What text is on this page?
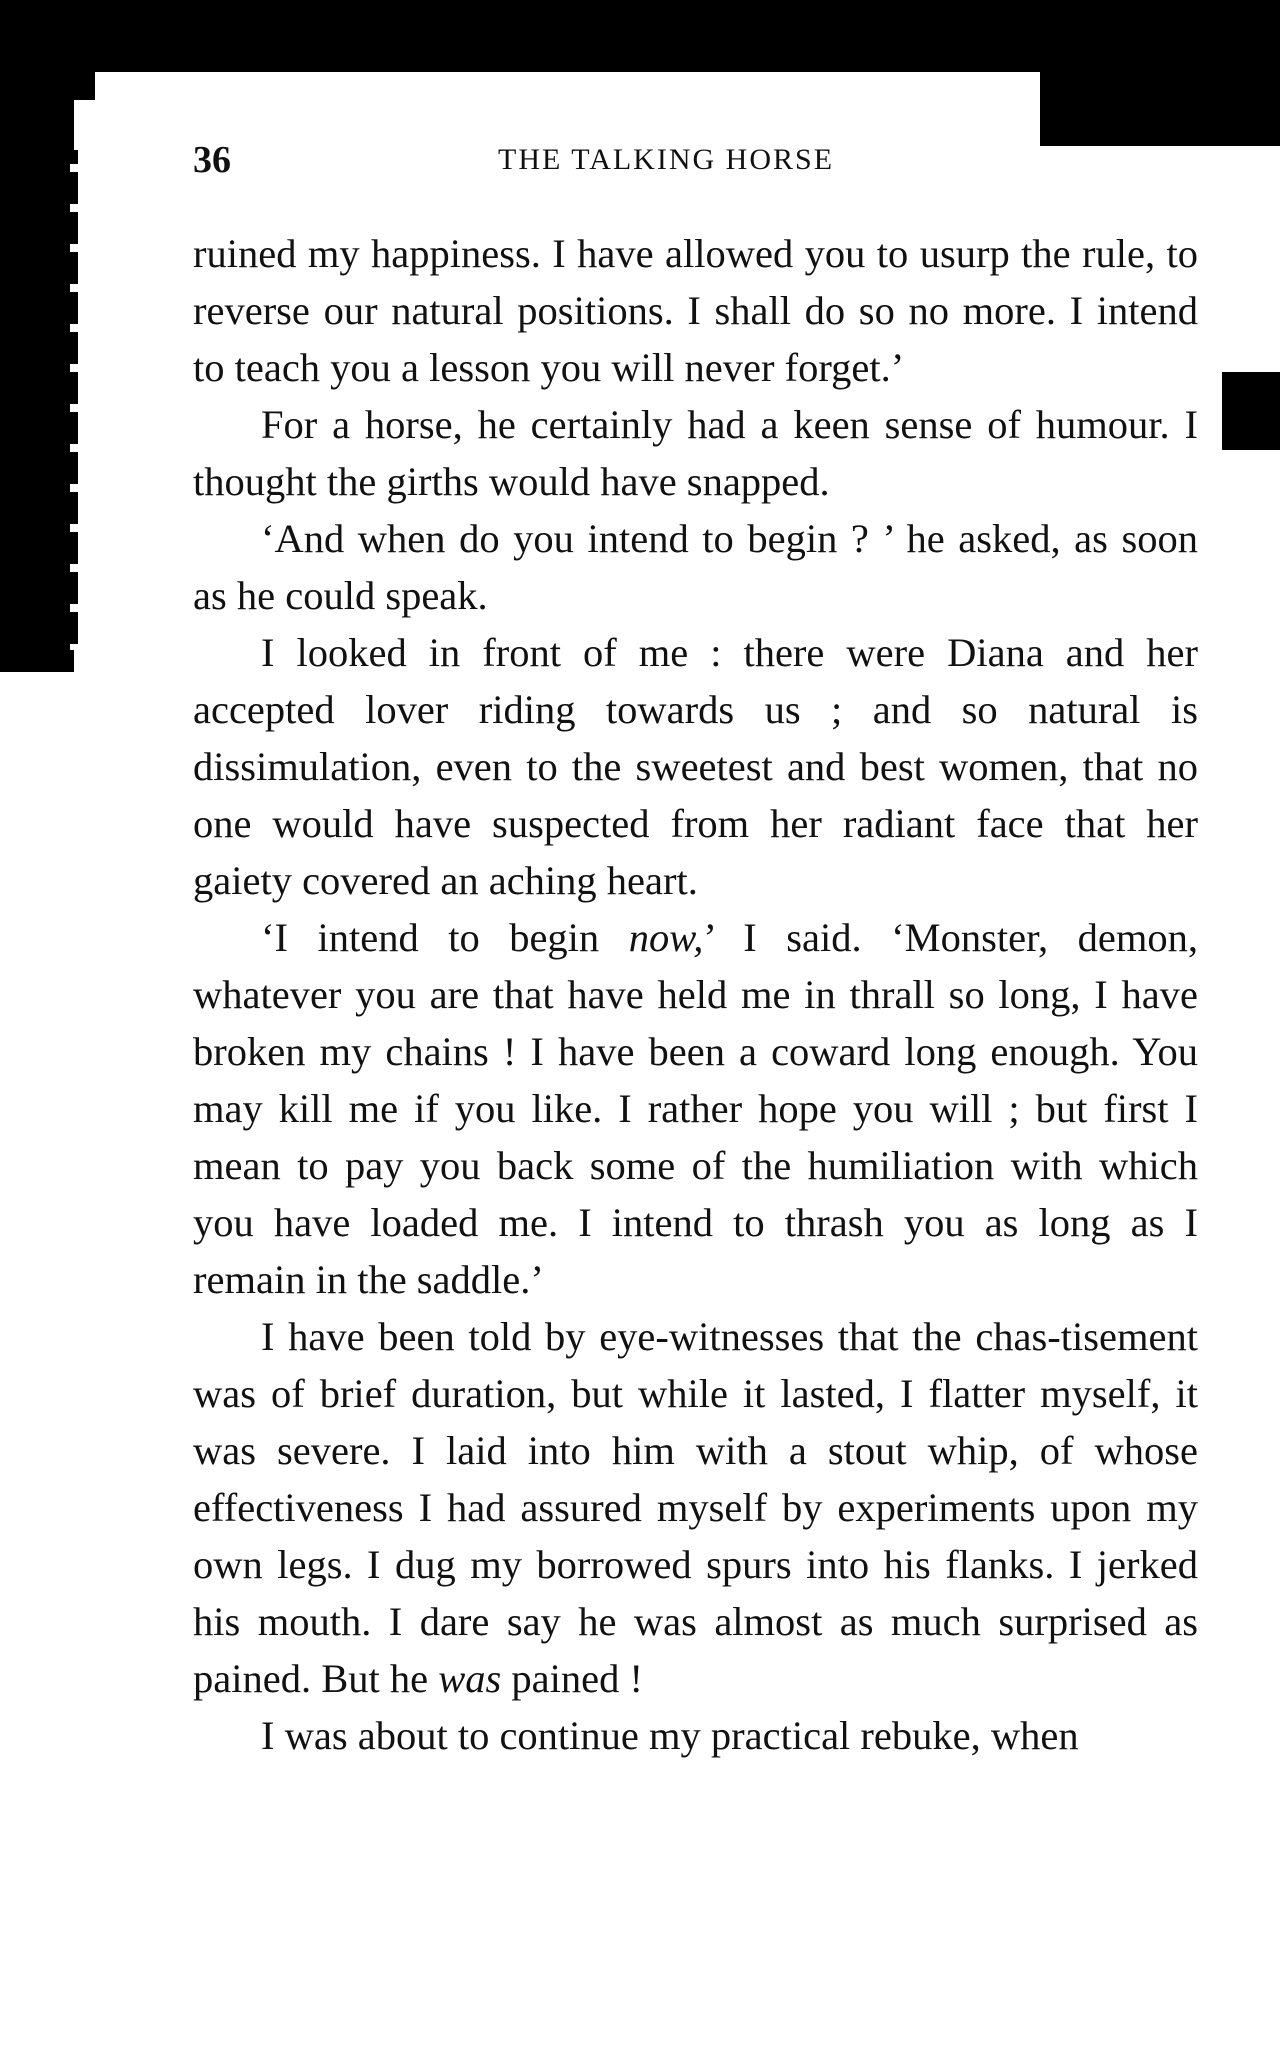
36	THE TALKING HORSE

ruined my happiness. I have allowed you to usurp the rule, to reverse our natural positions. I shall do so no more. I intend to teach you a lesson you will never forget.’

For a horse, he certainly had a keen sense of humour. I thought the girths would have snapped.

‘And when do you intend to begin ? ’ he asked, as soon as he could speak.

I looked in front of me : there were Diana and her accepted lover riding towards us ; and so natural is dissimulation, even to the sweetest and best women, that no one would have suspected from her radiant face that her gaiety covered an aching heart.

‘I intend to begin now,’ I said. ‘Monster, demon, whatever you are that have held me in thrall so long, I have broken my chains ! I have been a coward long enough. You may kill me if you like. I rather hope you will ; but first I mean to pay you back some of the humiliation with which you have loaded me. I intend to thrash you as long as I remain in the saddle.’

I have been told by eye-witnesses that the chas-tisement was of brief duration, but while it lasted, I flatter myself, it was severe. I laid into him with a stout whip, of whose effectiveness I had assured myself by experiments upon my own legs. I dug my borrowed spurs into his flanks. I jerked his mouth. I dare say he was almost as much surprised as pained. But he was pained !

I was about to continue my practical rebuke, when
